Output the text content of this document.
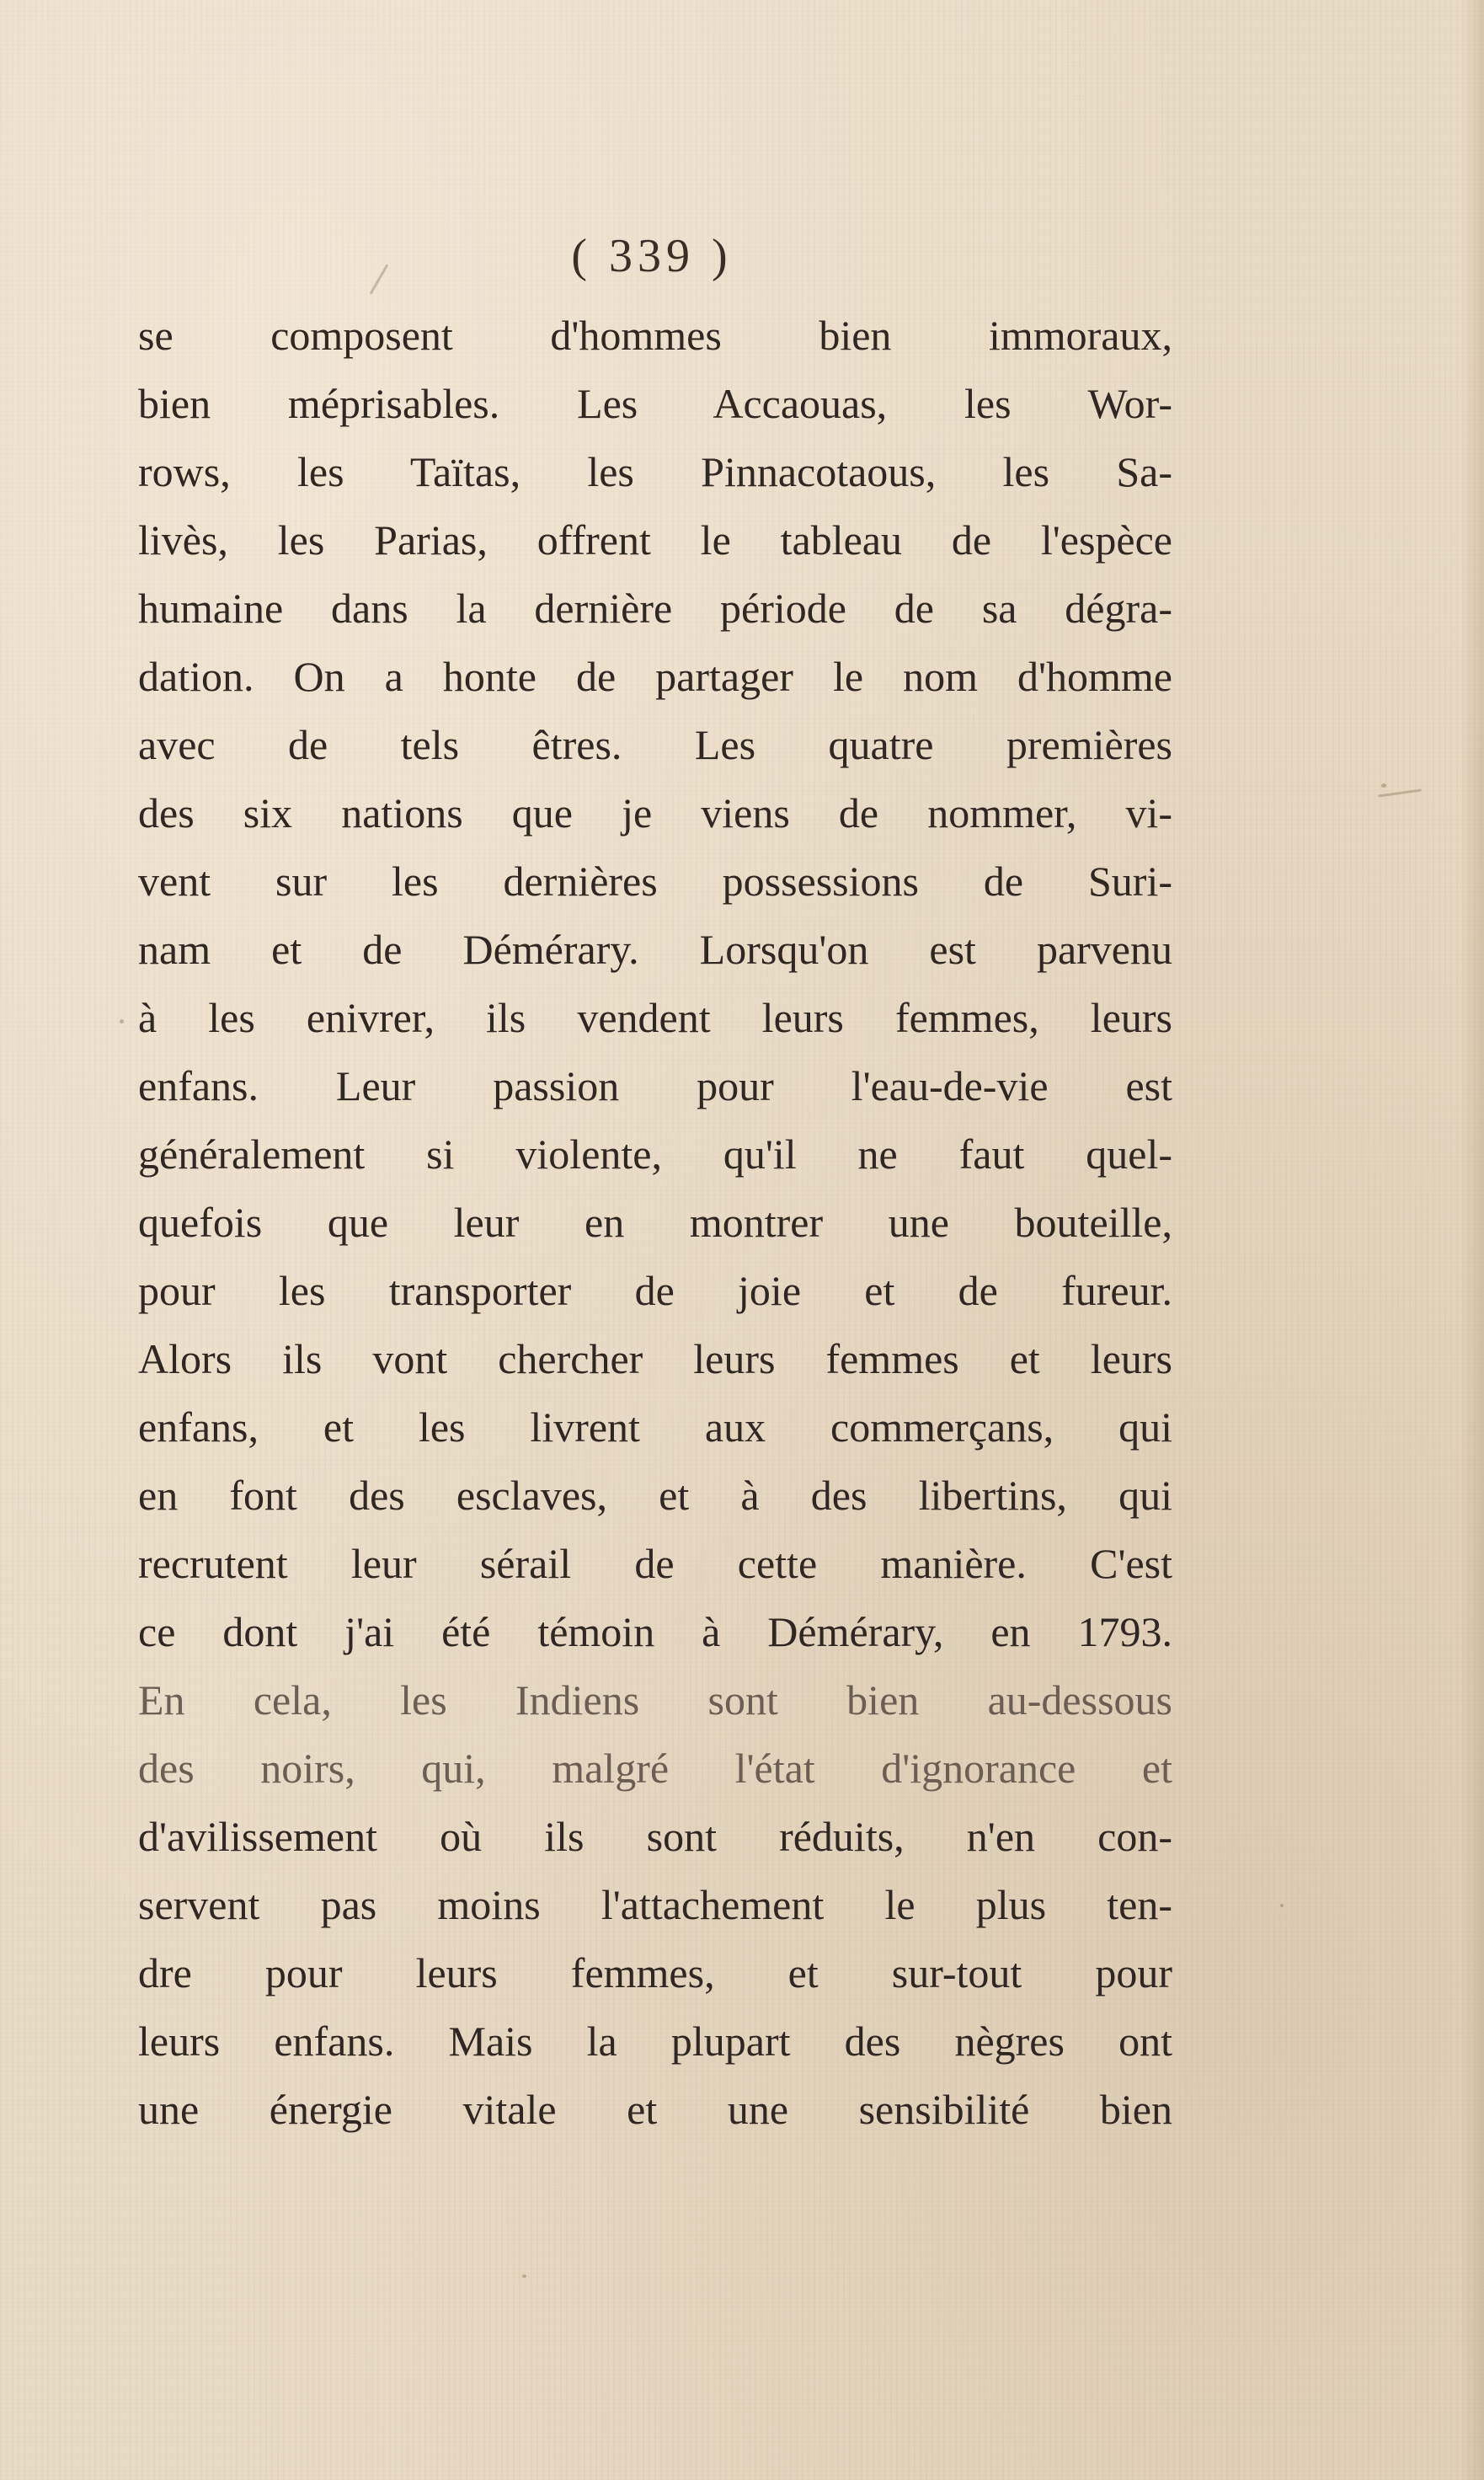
( 339 )
se composent d'hommes bien immoraux,
bien méprisables. Les Accaouas, les Wor-
rows, les Taïtas, les Pinnacotaous, les Sa-
livès, les Parias, offrent le tableau de l'espèce
humaine dans la dernière période de sa dégra-
dation. On a honte de partager le nom d'homme
avec de tels êtres. Les quatre premières
des six nations que je viens de nommer, vi-
vent sur les dernières possessions de Suri-
nam et de Démérary. Lorsqu'on est parvenu
à les enivrer, ils vendent leurs femmes, leurs
enfans. Leur passion pour l'eau-de-vie est
généralement si violente, qu'il ne faut quel-
quefois que leur en montrer une bouteille,
pour les transporter de joie et de fureur.
Alors ils vont chercher leurs femmes et leurs
enfans, et les livrent aux commerçans, qui
en font des esclaves, et à des libertins, qui
recrutent leur sérail de cette manière. C'est
ce dont j'ai été témoin à Démérary, en 1793.
En cela, les Indiens sont bien au-dessous
des noirs, qui, malgré l'état d'ignorance et
d'avilissement où ils sont réduits, n'en con-
servent pas moins l'attachement le plus ten-
dre pour leurs femmes, et sur-tout pour
leurs enfans. Mais la plupart des nègres ont
une énergie vitale et une sensibilité bien
